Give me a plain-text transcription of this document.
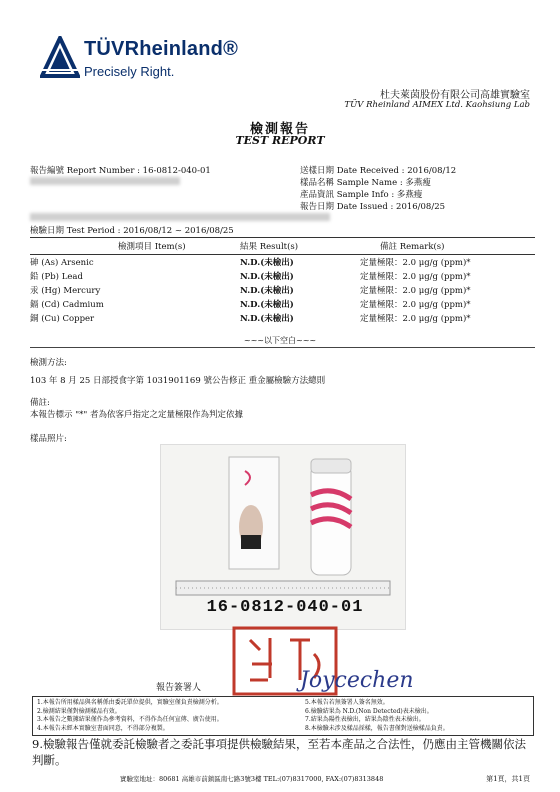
TÜVRheinland®
Precisely Right.
杜夫萊茵股份有限公司高雄實驗室
TÜV Rheinland AIMEX Ltd. Kaohsiung Lab
檢測報告
TEST REPORT
報告編號 Report Number : 16-0812-040-01	送樣日期 Date Received : 2016/08/12
樣品名稱 Sample Name : 多燕瘦
產品資訊 Sample Info : 多燕瘦
報告日期 Date Issued : 2016/08/25
檢驗日期 Test Period : 2016/08/12 ~ 2016/08/25
檢測項目 Item(s)	結果 Result(s)	備註 Remark(s)
砷 (As) Arsenic	N.D.(未檢出)	定量極限：2.0 μg/g (ppm)*
鉛 (Pb) Lead	N.D.(未檢出)	定量極限：2.0 μg/g (ppm)*
汞 (Hg) Mercury	N.D.(未檢出)	定量極限：2.0 μg/g (ppm)*
鎘 (Cd) Cadmium	N.D.(未檢出)	定量極限：2.0 μg/g (ppm)*
銅 (Cu) Copper	N.D.(未檢出)	定量極限：2.0 μg/g (ppm)*
~~~以下空白~~~
檢測方法:
103 年 8 月 25 日部授食字第 1031901169 號公告修正 重金屬檢驗方法總則
備註:
本報告標示 "*" 者為依客戶指定之定量極限作為判定依據
樣品照片:
16-0812-040-01
報告簽署人	Joycechen
1.本報告所用樣品與名稱係由委託單位提供，實驗室僅負責檢測分析。
2.檢測結果僅對檢測樣品有效。
3.本報告之數據結果僅作為參考資料，不得作為任何宣傳、廣告使用。
4.本報告未經本實驗室書面同意，不得部分複製。
5.本報告若無簽署人簽名無效。
6.檢驗結果為 N.D.(Non Detected)表未檢出。
7.結果為陽性表檢出，結果為陰性表未檢出。
8.本檢驗未涉及樣品採樣，報告書僅對送檢樣品負責。
9.檢驗報告僅就委託檢驗者之委託事項提供檢驗結果，至若本產品之合法性，仍應由主管機關依法判斷。
實驗室地址：80681 高雄市前鎮區南七路3號3樓 TEL:(07)8317000, FAX:(07)8313848	第1頁，共1頁
